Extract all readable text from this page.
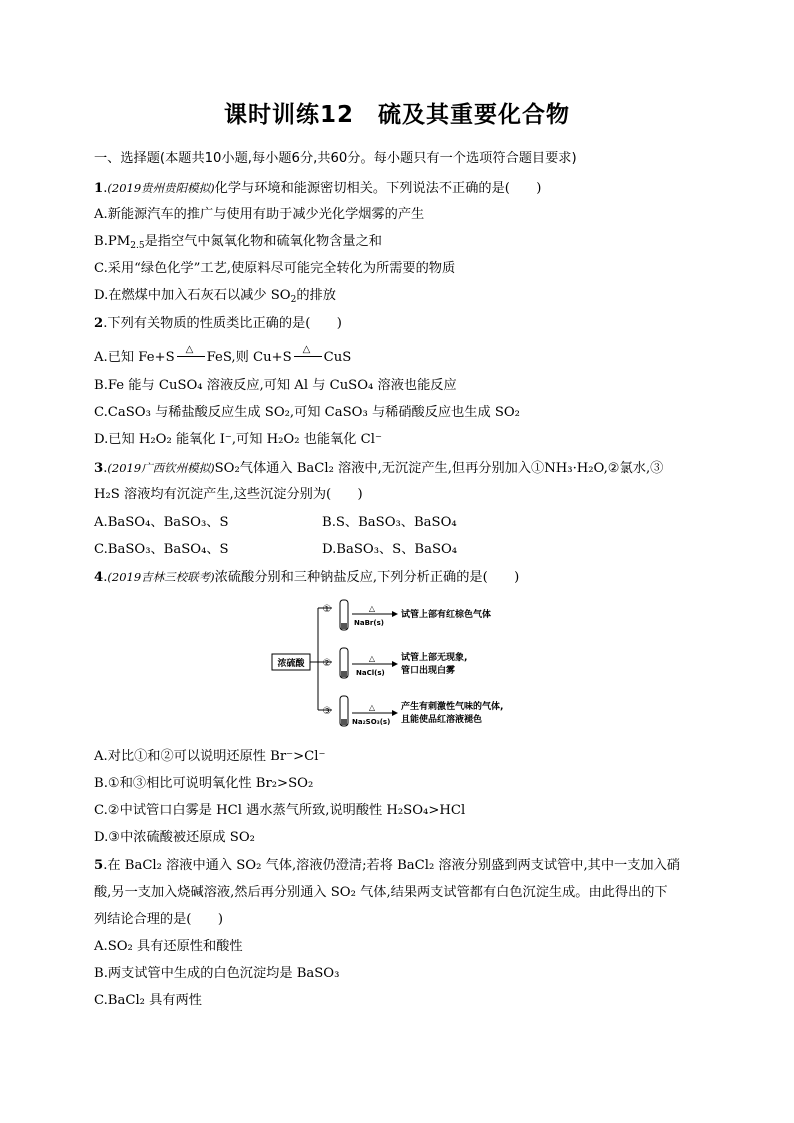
课时训练12　硫及其重要化合物
一、选择题(本题共10小题,每小题6分,共60分。每小题只有一个选项符合题目要求)
1.(2019贵州贵阳模拟)化学与环境和能源密切相关。下列说法不正确的是(　　)
A.新能源汽车的推广与使用有助于减少光化学烟雾的产生
$B.PM_{2.5}$是指空气中氮氧化物和硫氧化物含量之和
C.采用“绿色化学”工艺,使原料尽可能完全转化为所需要的物质
D.在燃煤中加入石灰石以减少 $SO_2$的排放
2.下列有关物质的性质类比正确的是(　　)
A.已知 Fe+S
△
FeS,则 Cu+S
△
CuS
B.Fe 能与 CuSO₄ 溶液反应,可知 Al 与 CuSO₄ 溶液也能反应
C.CaSO₃ 与稀盐酸反应生成 SO₂,可知 CaSO₃ 与稀硝酸反应也生成 SO₂
D.已知 H₂O₂ 能氧化 I⁻,可知 H₂O₂ 也能氧化 Cl⁻
3.(2019广西钦州模拟)SO₂气体通入 BaCl₂ 溶液中,无沉淀产生,但再分别加入①NH₃·H₂O,②氯水,③
H₂S 溶液均有沉淀产生,这些沉淀分别为(　　)
A.BaSO₄、BaSO₃、S	B.S、BaSO₃、BaSO₄
C.BaSO₃、BaSO₄、S	D.BaSO₃、S、BaSO₄
4.(2019吉林三校联考)浓硫酸分别和三种钠盐反应,下列分析正确的是(　　)
浓硫酸
①	△
NaBr(s)
试管上部有红棕色气体
②	△
NaCl(s)
试管上部无现象,
管口出现白雾
③	△
Na₂SO₃(s)
产生有刺激性气味的气体,
且能使品红溶液褪色
A.对比①和②可以说明还原性 Br⁻>Cl⁻
B.①和③相比可说明氧化性 Br₂>SO₂
C.②中试管口白雾是 HCl 遇水蒸气所致,说明酸性 H₂SO₄>HCl
D.③中浓硫酸被还原成 SO₂
5.在 BaCl₂ 溶液中通入 SO₂ 气体,溶液仍澄清;若将 BaCl₂ 溶液分别盛到两支试管中,其中一支加入硝
酸,另一支加入烧碱溶液,然后再分别通入 SO₂ 气体,结果两支试管都有白色沉淀生成。由此得出的下
列结论合理的是(　　)
A.SO₂ 具有还原性和酸性
B.两支试管中生成的白色沉淀均是 BaSO₃
C.BaCl₂ 具有两性
